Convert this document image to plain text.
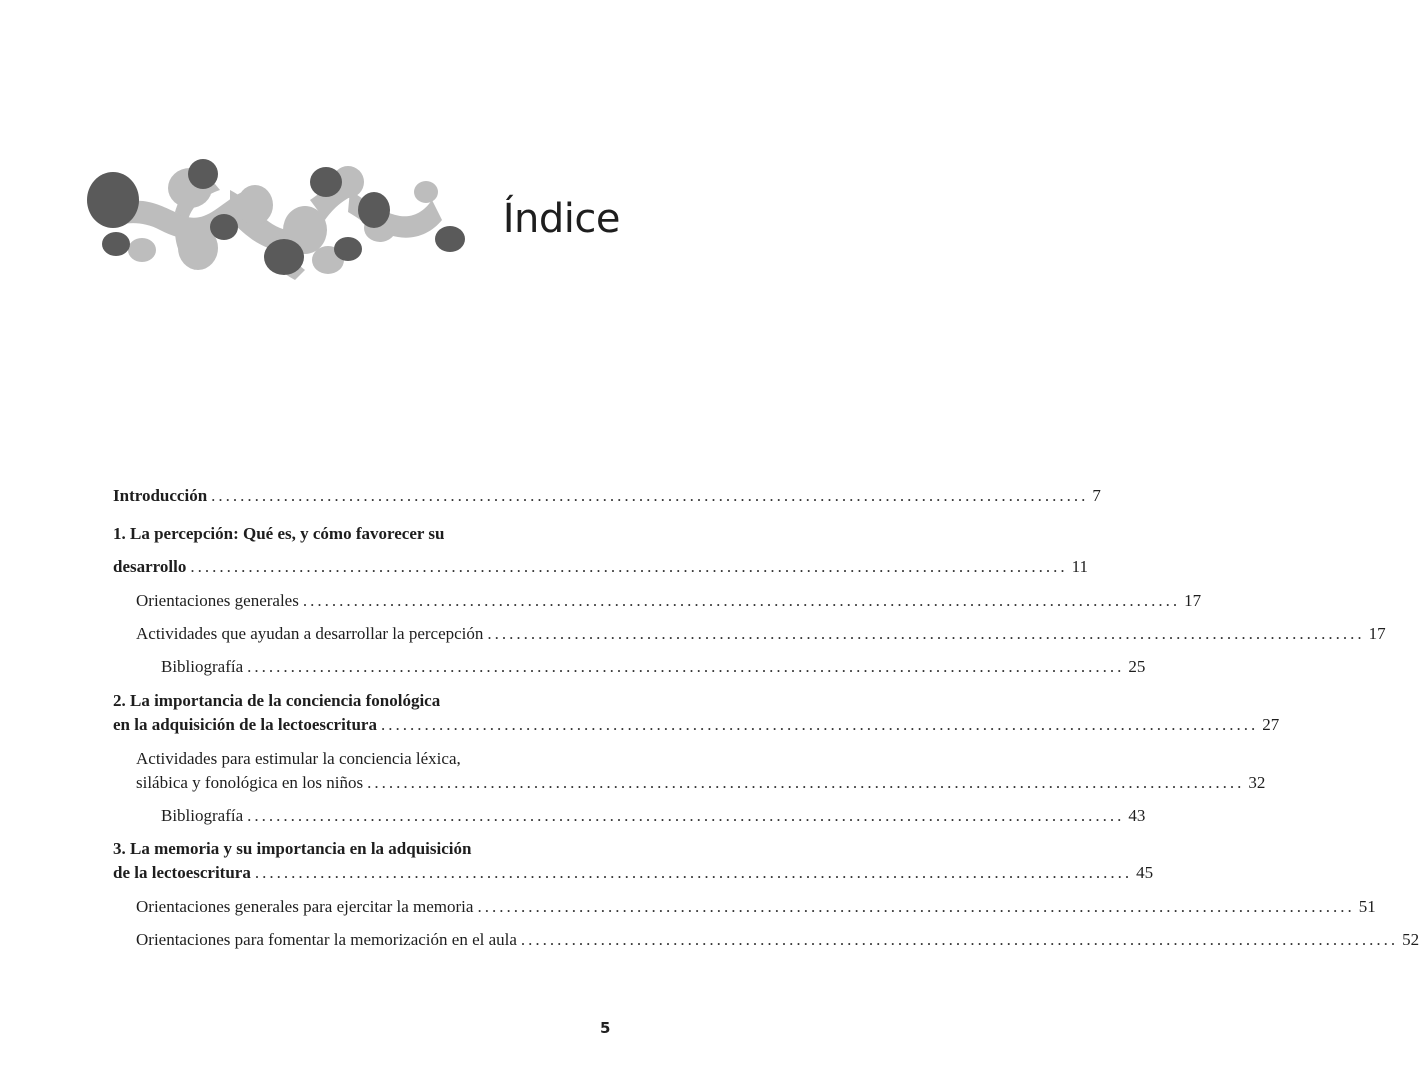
Índice
Introducción ......................................................................................................................... 7
1. La percepción: Qué es, y cómo favorecer su
desarrollo ......................................................................................................................... 11
Orientaciones generales ......................................................................................................................... 17
Actividades que ayudan a desarrollar la percepción ......................................................................................................................... 17
Bibliografía ......................................................................................................................... 25
2. La importancia de la conciencia fonológica
en la adquisición de la lectoescritura ......................................................................................................................... 27
Actividades para estimular la conciencia léxica,
silábica y fonológica en los niños ......................................................................................................................... 32
Bibliografía ......................................................................................................................... 43
3. La memoria y su importancia en la adquisición
de la lectoescritura ......................................................................................................................... 45
Orientaciones generales para ejercitar la memoria ......................................................................................................................... 51
Orientaciones para fomentar la memorización en el aula ......................................................................................................................... 52
5
